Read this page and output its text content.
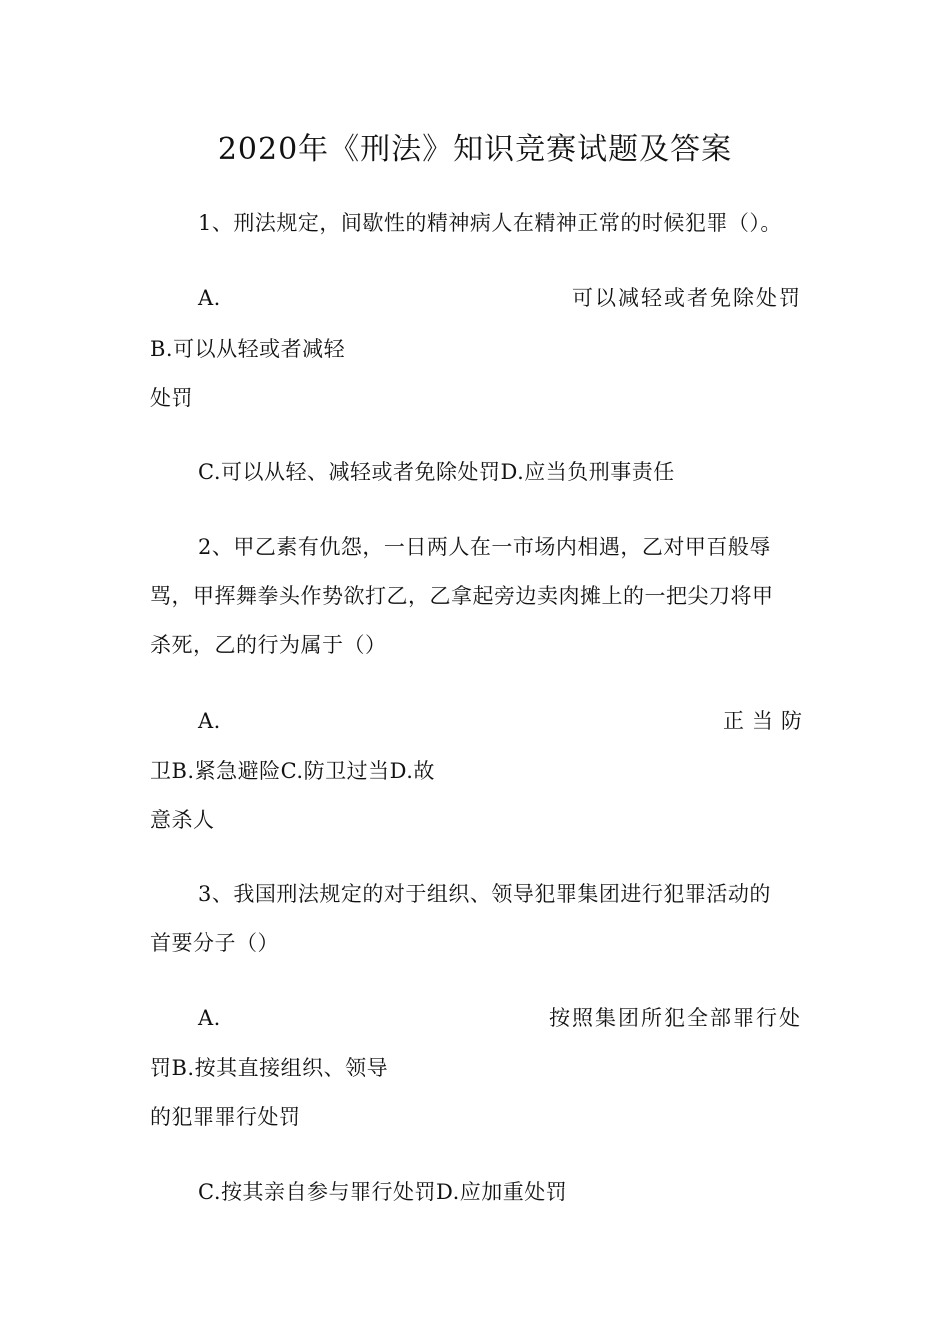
2020年《刑法》知识竞赛试题及答案
1、刑法规定，间歇性的精神病人在精神正常的时候犯罪（）。
A.	可以减轻或者免除处罚
B.可以从轻或者减轻
处罚
C.可以从轻、减轻或者免除处罚D.应当负刑事责任
2、甲乙素有仇怨，一日两人在一市场内相遇，乙对甲百般辱
骂，甲挥舞拳头作势欲打乙，乙拿起旁边卖肉摊上的一把尖刀将甲
杀死，乙的行为属于（）
A.	正当防
卫B.紧急避险C.防卫过当D.故
意杀人
3、我国刑法规定的对于组织、领导犯罪集团进行犯罪活动的
首要分子（）
A.	按照集团所犯全部罪行处
罚B.按其直接组织、领导
的犯罪罪行处罚
C.按其亲自参与罪行处罚D.应加重处罚
